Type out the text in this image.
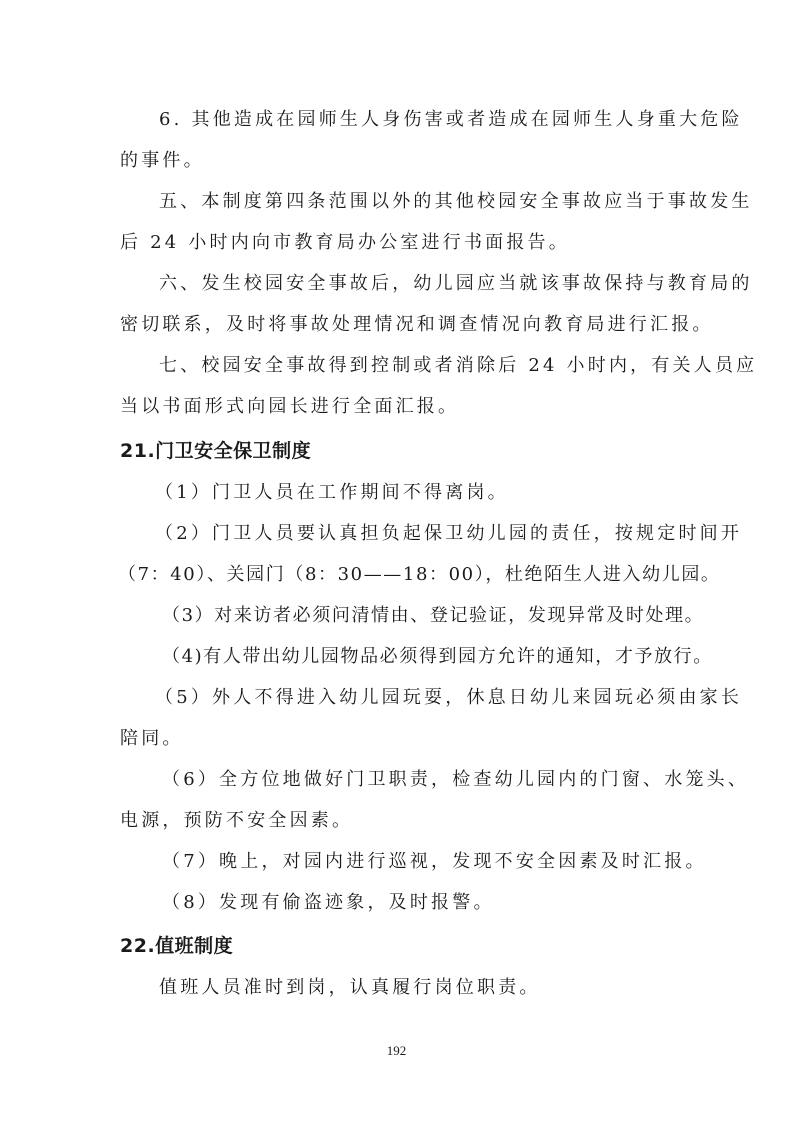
6. 其他造成在园师生人身伤害或者造成在园师生人身重大危险
的事件。
五、本制度第四条范围以外的其他校园安全事故应当于事故发生
后 24 小时内向市教育局办公室进行书面报告。
六、发生校园安全事故后，幼儿园应当就该事故保持与教育局的
密切联系，及时将事故处理情况和调查情况向教育局进行汇报。
七、校园安全事故得到控制或者消除后 24 小时内，有关人员应
当以书面形式向园长进行全面汇报。
21.门卫安全保卫制度
（1）门卫人员在工作期间不得离岗。
（2）门卫人员要认真担负起保卫幼儿园的责任，按规定时间开
（7：40）、关园门（8：30——18：00），杜绝陌生人进入幼儿园。
（3）对来访者必须问清情由、登记验证，发现异常及时处理。
（4)有人带出幼儿园物品必须得到园方允许的通知，才予放行。
（5）外人不得进入幼儿园玩耍，休息日幼儿来园玩必须由家长
陪同。
（6）全方位地做好门卫职责，检查幼儿园内的门窗、水笼头、
电源，预防不安全因素。
（7）晚上，对园内进行巡视，发现不安全因素及时汇报。
（8）发现有偷盗迹象，及时报警。
22.值班制度
值班人员准时到岗，认真履行岗位职责。
192
